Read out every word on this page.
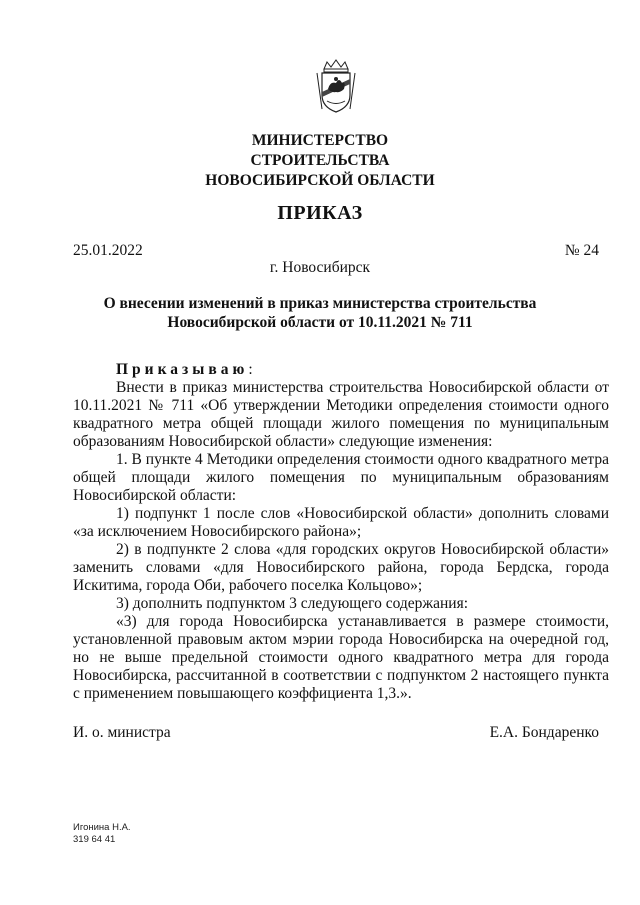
МИНИСТЕРСТВО
СТРОИТЕЛЬСТВА
НОВОСИБИРСКОЙ ОБЛАСТИ
ПРИКАЗ
25.01.2022	№ 24
г. Новосибирск
О внесении изменений в приказ министерства строительства
Новосибирской области от 10.11.2021 № 711

Приказываю:

Внести в приказ министерства строительства Новосибирской области от 10.11.2021 № 711 «Об утверждении Методики определения стоимости одного квадратного метра общей площади жилого помещения по муниципальным образованиям Новосибирской области» следующие изменения:

1. В пункте 4 Методики определения стоимости одного квадратного метра общей площади жилого помещения по муниципальным образованиям Новосибирской области:

1) подпункт 1 после слов «Новосибирской области» дополнить словами «за исключением Новосибирского района»;

2) в подпункте 2 слова «для городских округов Новосибирской области» заменить словами «для Новосибирского района, города Бердска, города Искитима, города Оби, рабочего поселка Кольцово»;

3) дополнить подпунктом 3 следующего содержания:

«3) для города Новосибирска устанавливается в размере стоимости, установленной правовым актом мэрии города Новосибирска на очередной год, но не выше предельной стоимости одного квадратного метра для города Новосибирска, рассчитанной в соответствии с подпунктом 2 настоящего пункта с применением повышающего коэффициента 1,3.».

И. о. министра	Е.А. Бондаренко
Игонина Н.А.
319 64 41
